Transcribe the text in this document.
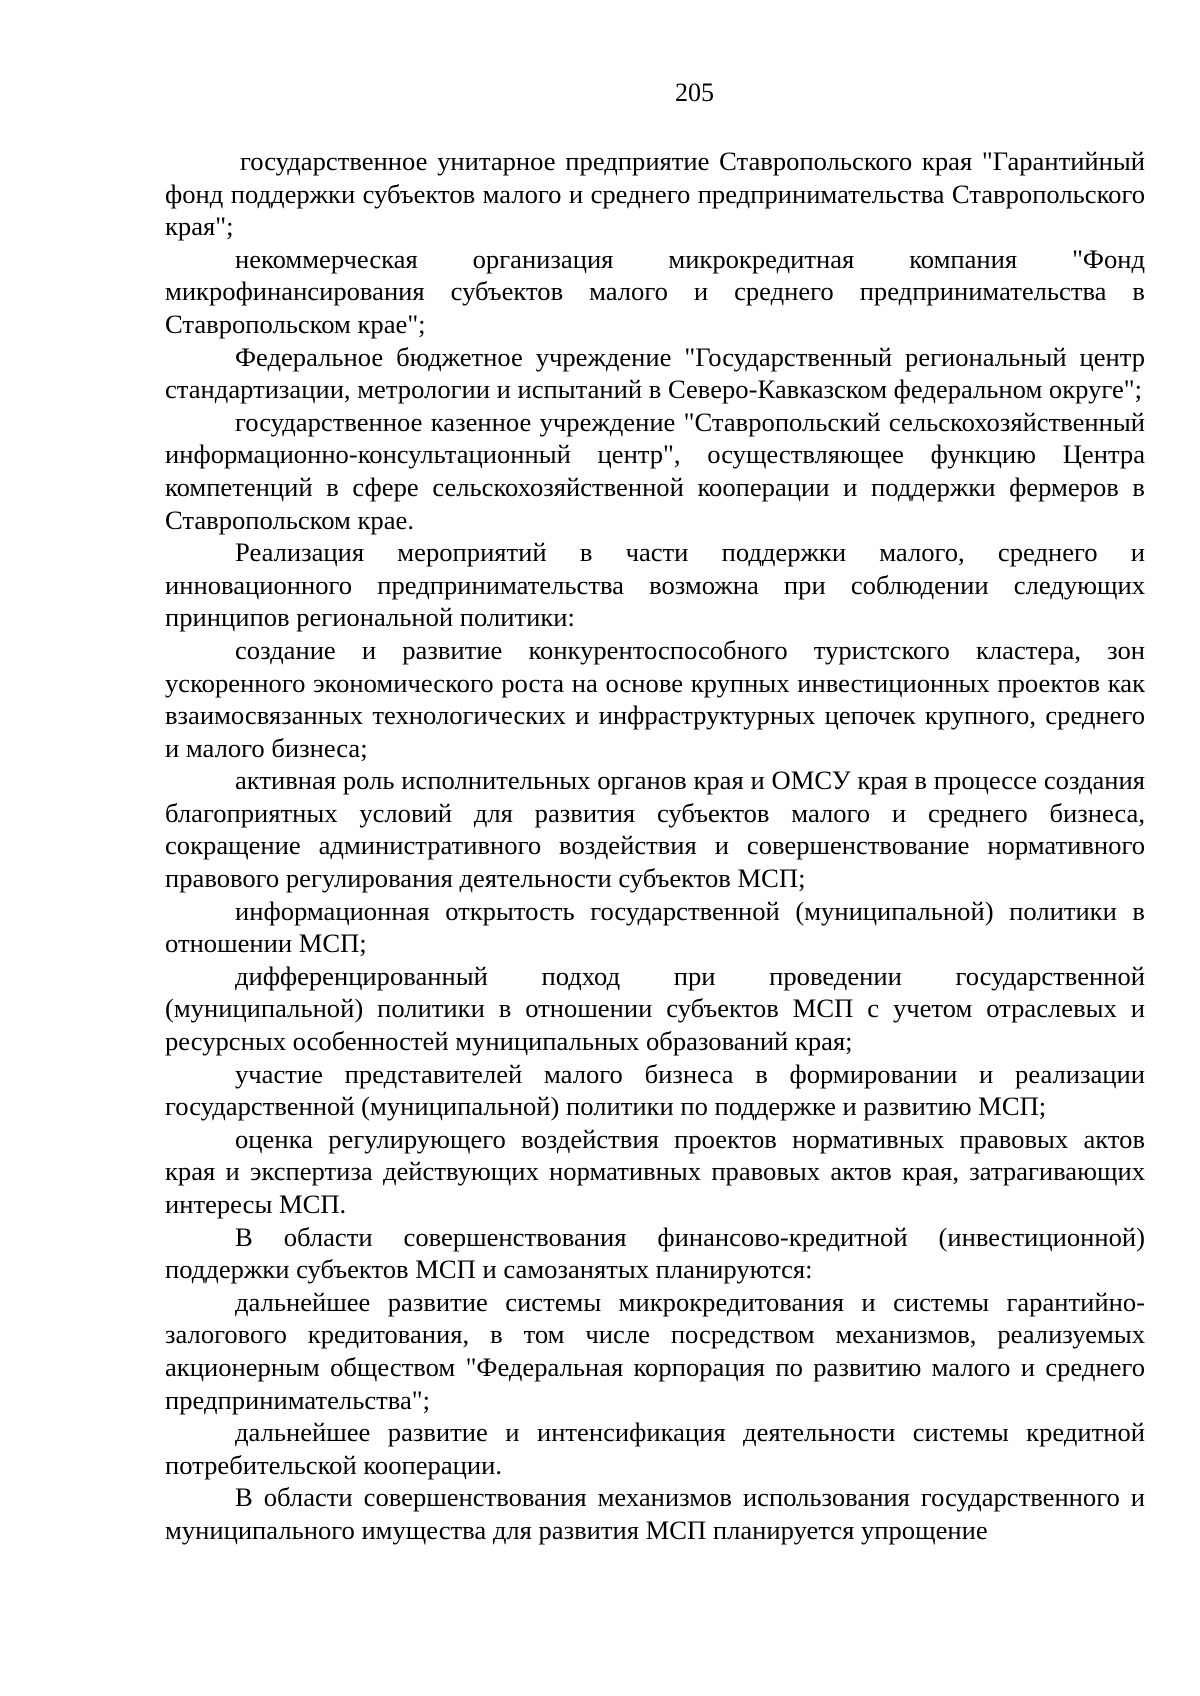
205

государственное унитарное предприятие Ставропольского края "Гарантийный фонд поддержки субъектов малого и среднего предпринимательства Ставропольского края";

некоммерческая организация микрокредитная компания "Фонд микрофинансирования субъектов малого и среднего предпринимательства в Ставропольском крае";

Федеральное бюджетное учреждение "Государственный региональный центр стандартизации, метрологии и испытаний в Северо-Кавказском федеральном округе";

государственное казенное учреждение "Ставропольский сельскохозяйственный информационно-консультационный центр", осуществляющее функцию Центра компетенций в сфере сельскохозяйственной кооперации и поддержки фермеров в Ставропольском крае.

Реализация мероприятий в части поддержки малого, среднего и инновационного предпринимательства возможна при соблюдении следующих принципов региональной политики:

создание и развитие конкурентоспособного туристского кластера, зон ускоренного экономического роста на основе крупных инвестиционных проектов как взаимосвязанных технологических и инфраструктурных цепочек крупного, среднего и малого бизнеса;

активная роль исполнительных органов края и ОМСУ края в процессе создания благоприятных условий для развития субъектов малого и среднего бизнеса, сокращение административного воздействия и совершенствование нормативного правового регулирования деятельности субъектов МСП;

информационная открытость государственной (муниципальной) политики в отношении МСП;

дифференцированный подход при проведении государственной (муниципальной) политики в отношении субъектов МСП с учетом отраслевых и ресурсных особенностей муниципальных образований края;

участие представителей малого бизнеса в формировании и реализации государственной (муниципальной) политики по поддержке и развитию МСП;

оценка регулирующего воздействия проектов нормативных правовых актов края и экспертиза действующих нормативных правовых актов края, затрагивающих интересы МСП.

В области совершенствования финансово-кредитной (инвестиционной) поддержки субъектов МСП и самозанятых планируются:

дальнейшее развитие системы микрокредитования и системы гарантийно-залогового кредитования, в том числе посредством механизмов, реализуемых акционерным обществом "Федеральная корпорация по развитию малого и среднего предпринимательства";

дальнейшее развитие и интенсификация деятельности системы кредитной потребительской кооперации.

В области совершенствования механизмов использования государственного и муниципального имущества для развития МСП планируется упрощение
